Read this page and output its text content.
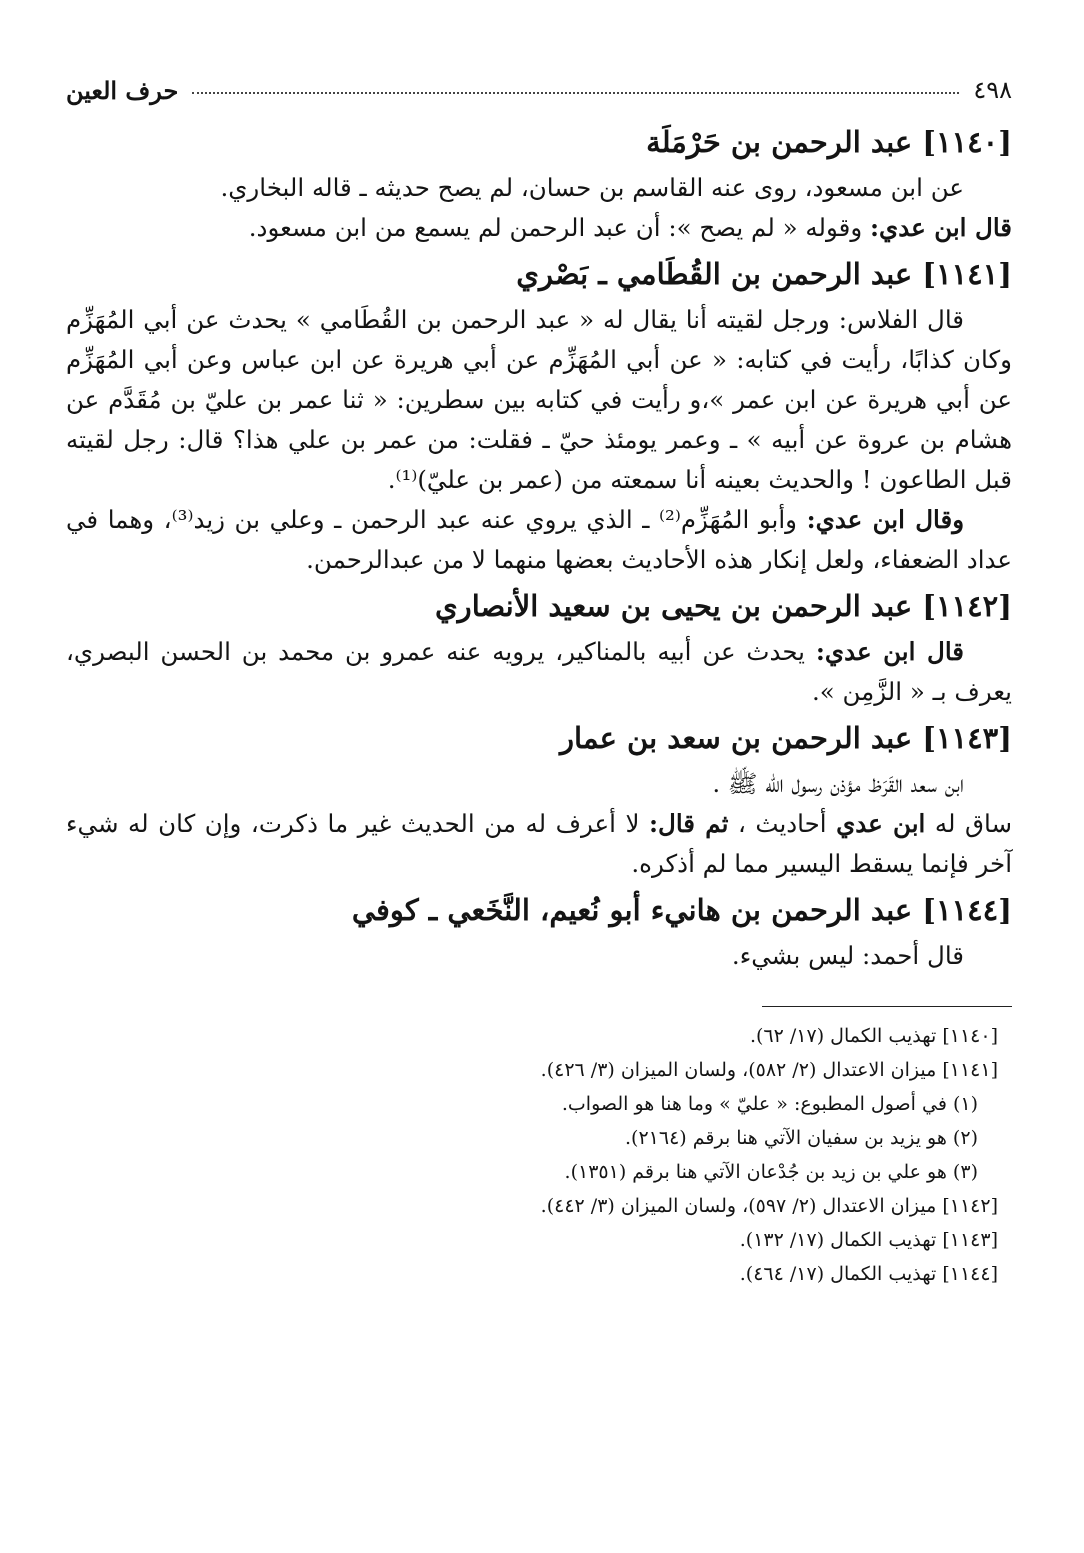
٤٩٨
حرف العين
[١١٤٠] عبد الرحمن بن حَرْمَلَة

عن ابن مسعود، روى عنه القاسم بن حسان، لم يصح حديثه ـ قاله البخاري.

قال ابن عدي: وقوله « لم يصح »: أن عبد الرحمن لم يسمع من ابن مسعود.

[١١٤١] عبد الرحمن بن القُطَامي ـ بَصْري

قال الفلاس: ورجل لقيته أنا يقال له « عبد الرحمن بن القُطَامي » يحدث عن أبي المُهَزِّم وكان كذابًا، رأيت في كتابه: « عن أبي المُهَزِّم عن أبي هريرة عن ابن عباس وعن أبي المُهَزِّم عن أبي هريرة عن ابن عمر »،و رأيت في كتابه بين سطرين: « ثنا عمر بن عليّ بن مُقَدَّم عن هشام بن عروة عن أبيه » ـ وعمر يومئذ حيّ ـ فقلت: من عمر بن علي هذا؟ قال: رجل لقيته قبل الطاعون ! والحديث بعينه أنا سمعته من (عمر بن عليّ)⁽¹⁾.

وقال ابن عدي: وأبو المُهَزِّم⁽²⁾ ـ الذي يروي عنه عبد الرحمن ـ وعلي بن زيد⁽³⁾، وهما في عداد الضعفاء، ولعل إنكار هذه الأحاديث بعضها منهما لا من عبدالرحمن.

[١١٤٢] عبد الرحمن بن يحيى بن سعيد الأنصاري

قال ابن عدي: يحدث عن أبيه بالمناكير، يرويه عنه عمرو بن محمد بن الحسن البصري، يعرف بـ « الزَّمِن ».

[١١٤٣] عبد الرحمن بن سعد بن عمار

ابن سعد القَرَظ مؤذن رسول الله ﷺ .

ساق له ابن عدي أحاديث ، ثم قال: لا أعرف له من الحديث غير ما ذكرت، وإن كان له شيء آخر فإنما يسقط اليسير مما لم أذكره.

[١١٤٤] عبد الرحمن بن هانيء أبو نُعيم، النَّخَعي ـ كوفي

قال أحمد: ليس بشيء.

[١١٤٠] تهذيب الكمال (١٧/ ٦٢).

[١١٤١] ميزان الاعتدال (٢/ ٥٨٢)، ولسان الميزان (٣/ ٤٢٦).

(١) في أصول المطبوع: « عليّ » وما هنا هو الصواب.

(٢) هو يزيد بن سفيان الآتي هنا برقم (٢١٦٤).

(٣) هو علي بن زيد بن جُدْعان الآتي هنا برقم (١٣٥١).

[١١٤٢] ميزان الاعتدال (٢/ ٥٩٧)، ولسان الميزان (٣/ ٤٤٢).

[١١٤٣] تهذيب الكمال (١٧/ ١٣٢).

[١١٤٤] تهذيب الكمال (١٧/ ٤٦٤).
